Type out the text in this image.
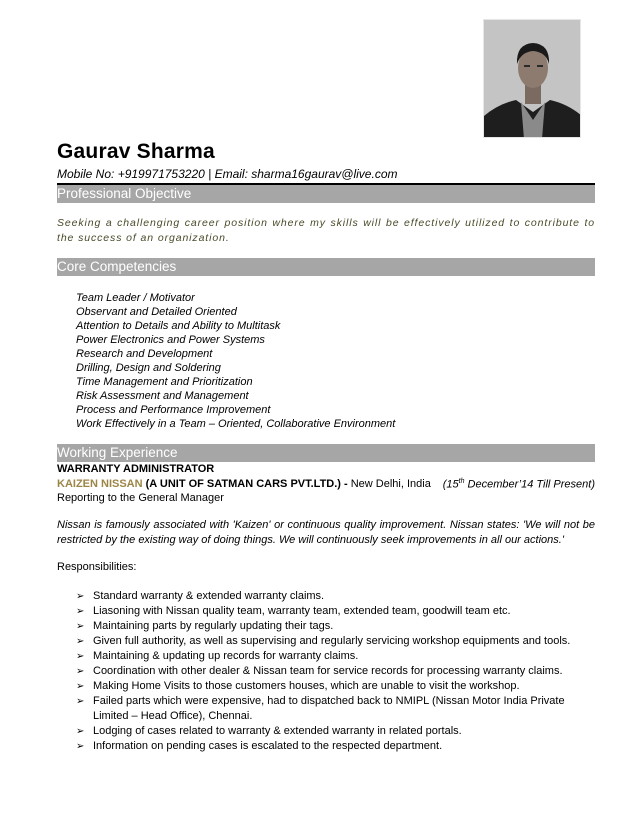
Gaurav Sharma
Mobile No: +919971753220 | Email: sharma16gaurav@live.com
Professional Objective
Seeking a challenging career position where my skills will be effectively utilized to contribute to the success of an organization.
Core Competencies
Team Leader / Motivator
Observant and Detailed Oriented
Attention to Details and Ability to Multitask
Power Electronics and Power Systems
Research and Development
Drilling, Design and Soldering
Time Management and Prioritization
Risk Assessment and Management
Process and Performance Improvement
Work Effectively in a Team – Oriented, Collaborative Environment
Working Experience
WARRANTY ADMINISTRATOR
KAIZEN NISSAN (A UNIT OF SATMAN CARS PVT.LTD.) - New Delhi, India (15th December’14 Till Present)
Reporting to the General Manager
Nissan is famously associated with 'Kaizen' or continuous quality improvement. Nissan states: 'We will not be restricted by the existing way of doing things. We will continuously seek improvements in all our actions.'
Responsibilities:
➢ Standard warranty & extended warranty claims.
➢ Liasoning with Nissan quality team, warranty team, extended team, goodwill team etc.
➢ Maintaining parts by regularly updating their tags.
➢ Given full authority, as well as supervising and regularly servicing workshop equipments and tools.
➢ Maintaining & updating up records for warranty claims.
➢ Coordination with other dealer & Nissan team for service records for processing warranty claims.
➢ Making Home Visits to those customers houses, which are unable to visit the workshop.
➢ Failed parts which were expensive, had to dispatched back to NMIPL (Nissan Motor India Private Limited – Head Office), Chennai.
➢ Lodging of cases related to warranty & extended warranty in related portals.
➢ Information on pending cases is escalated to the respected department.
